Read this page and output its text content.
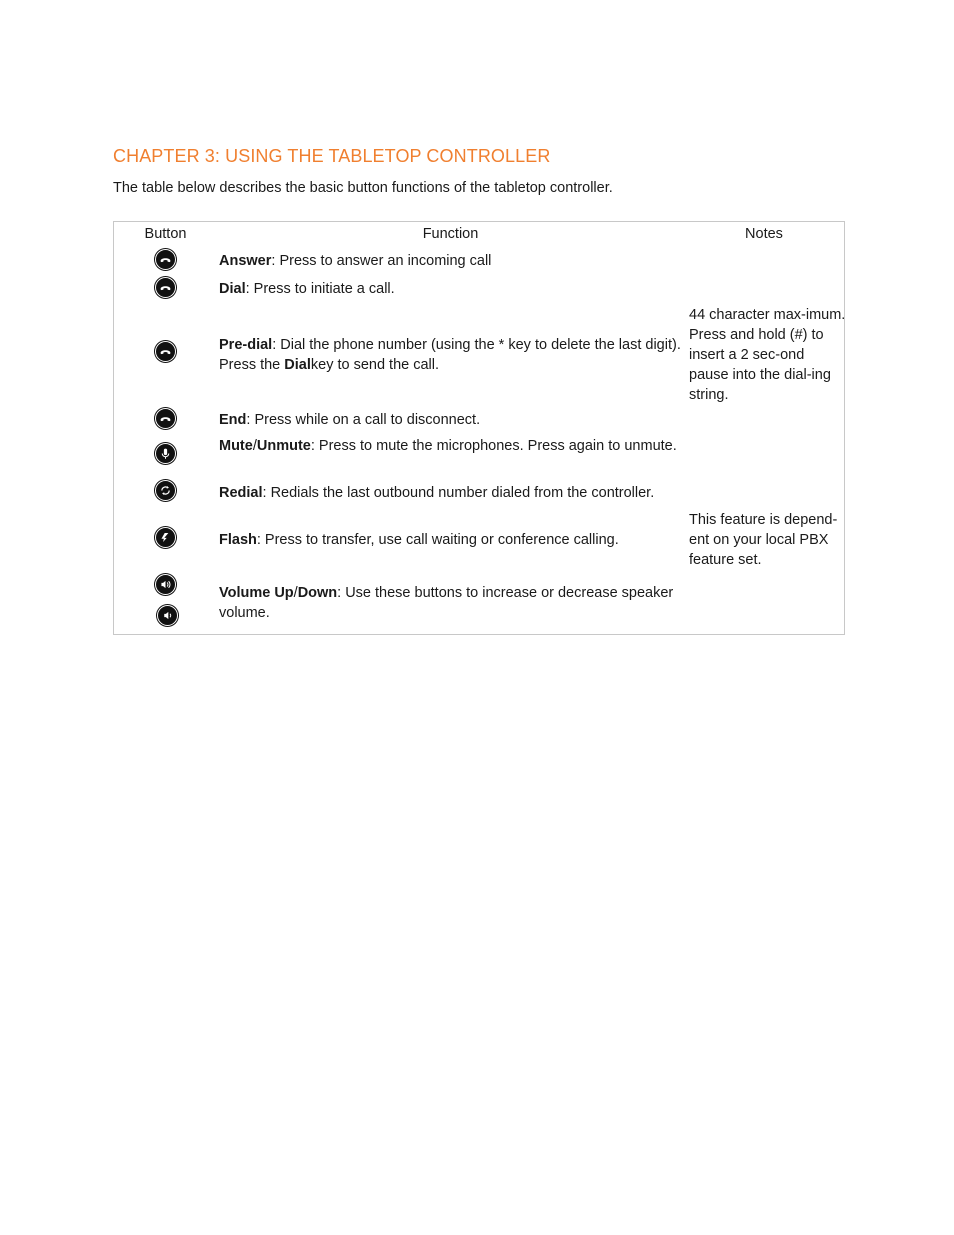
CHAPTER 3: USING THE TABLETOP CONTROLLER

The table below describes the basic button functions of the tabletop controller.

Button	Function	Notes
Answer: Press to answer an incoming call
Dial: Press to initiate a call.
Pre-dial: Dial the phone number (using the * key to delete the last digit). Press the Dialkey to send the call.
44 character max-imum. Press and hold (#) to insert a 2 sec-ond pause into the dial-ing string.
End: Press while on a call to disconnect.
Mute/Unmute: Press to mute the microphones. Press again to unmute.
Redial: Redials the last outbound number dialed from the controller.
Flash: Press to transfer, use call waiting or conference calling.
This feature is depend-ent on your local PBX feature set.
Volume Up/Down: Use these buttons to increase or decrease speaker volume.
